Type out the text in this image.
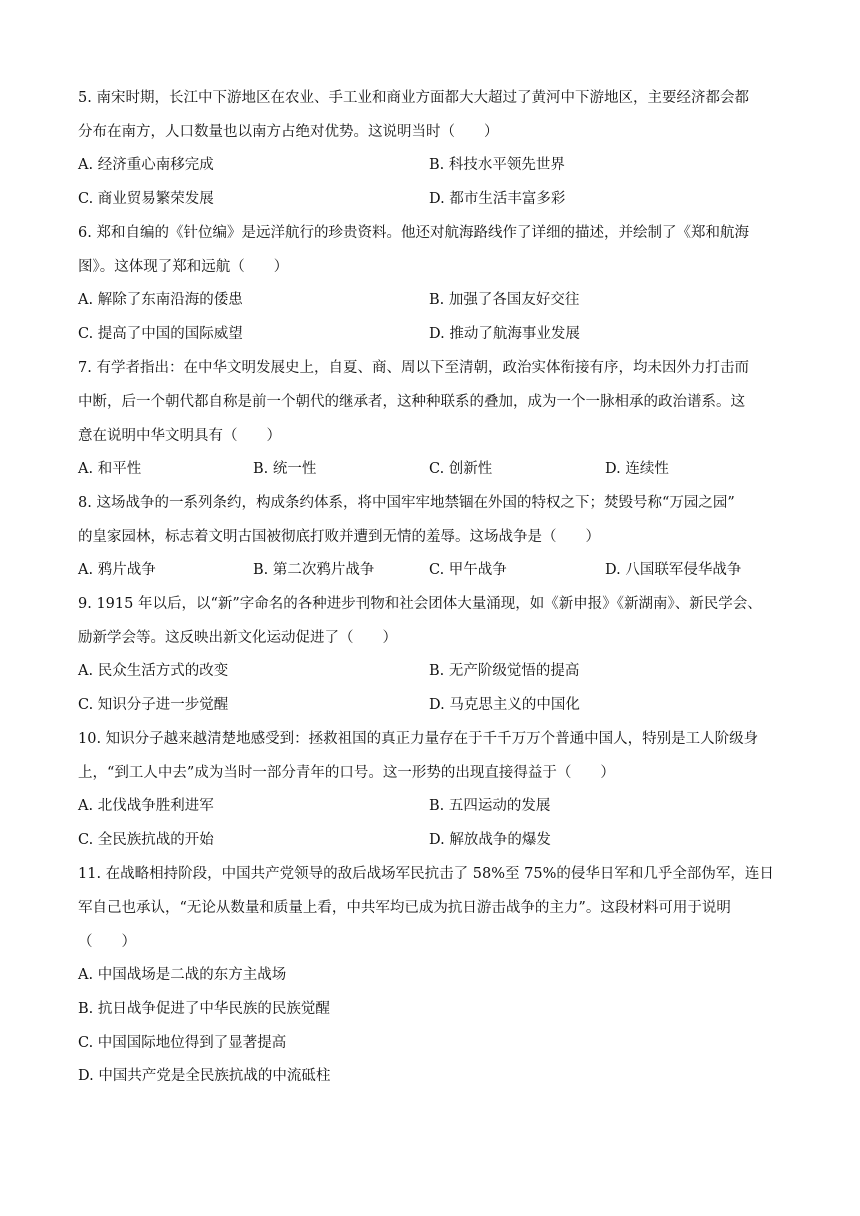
5. 南宋时期，长江中下游地区在农业、手工业和商业方面都大大超过了黄河中下游地区，主要经济都会都
分布在南方，人口数量也以南方占绝对优势。这说明当时（　　）
A. 经济重心南移完成	B. 科技水平领先世界
C. 商业贸易繁荣发展	D. 都市生活丰富多彩
6. 郑和自编的《针位编》是远洋航行的珍贵资料。他还对航海路线作了详细的描述，并绘制了《郑和航海
图》。这体现了郑和远航（　　）
A. 解除了东南沿海的倭患	B. 加强了各国友好交往
C. 提高了中国的国际威望	D. 推动了航海事业发展
7. 有学者指出：在中华文明发展史上，自夏、商、周以下至清朝，政治实体衔接有序，均未因外力打击而
中断，后一个朝代都自称是前一个朝代的继承者，这种种联系的叠加，成为一个一脉相承的政治谱系。这
意在说明中华文明具有（　　）
A. 和平性	B. 统一性	C. 创新性	D. 连续性
8. 这场战争的一系列条约，构成条约体系，将中国牢牢地禁锢在外国的特权之下；焚毁号称“万园之园”
的皇家园林，标志着文明古国被彻底打败并遭到无情的羞辱。这场战争是（　　）
A. 鸦片战争	B. 第二次鸦片战争	C. 甲午战争	D. 八国联军侵华战争
9. 1915 年以后，以“新”字命名的各种进步刊物和社会团体大量涌现，如《新申报》《新湖南》、新民学会、
励新学会等。这反映出新文化运动促进了（　　）
A. 民众生活方式的改变	B. 无产阶级觉悟的提高
C. 知识分子进一步觉醒	D. 马克思主义的中国化
10. 知识分子越来越清楚地感受到：拯救祖国的真正力量存在于千千万万个普通中国人，特别是工人阶级身
上，“到工人中去”成为当时一部分青年的口号。这一形势的出现直接得益于（　　）
A. 北伐战争胜利进军	B. 五四运动的发展
C. 全民族抗战的开始	D. 解放战争的爆发
11. 在战略相持阶段，中国共产党领导的敌后战场军民抗击了 58%至 75%的侵华日军和几乎全部伪军，连日
军自己也承认，“无论从数量和质量上看，中共军均已成为抗日游击战争的主力”。这段材料可用于说明
（　　）
A. 中国战场是二战的东方主战场
B. 抗日战争促进了中华民族的民族觉醒
C. 中国国际地位得到了显著提高
D. 中国共产党是全民族抗战的中流砥柱
